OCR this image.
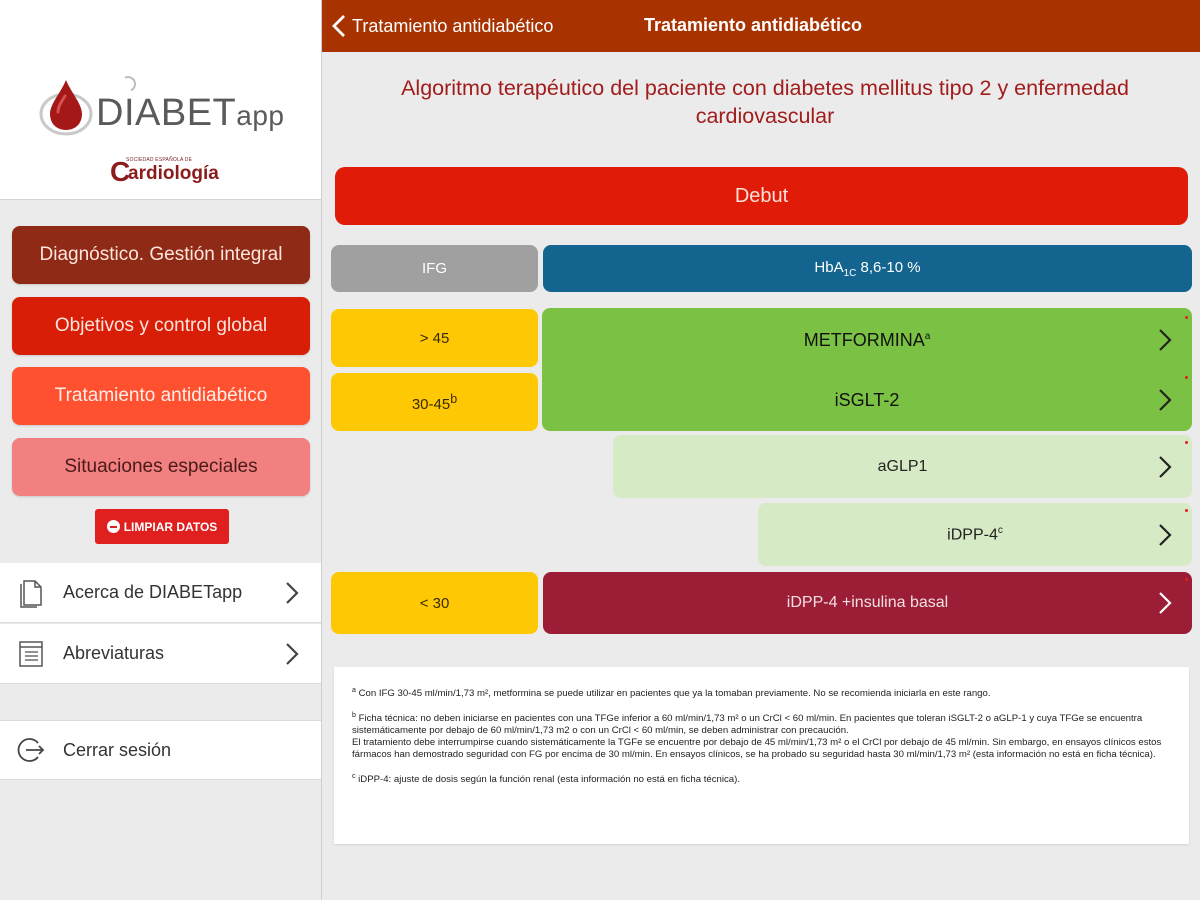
DIABETapp
C
SOCIEDAD ESPAÑOLA DE
ardiología
Diagnóstico. Gestión integral
Objetivos y control global
Tratamiento antidiabético
Situaciones especiales
LIMPIAR DATOS
Acerca de DIABETapp
Abreviaturas
Cerrar sesión
Tratamiento antidiabético	Tratamiento antidiabético
Algoritmo terapéutico del paciente con diabetes mellitus tipo 2 y enfermedad cardiovascular
Debut
IFG	HbA$_{1C}$ 8,6-10 %
> 45
$30-45^b$
< 30
METFORMINA$^a$
iSGLT-2
aGLP1
iDPP-4$^c$
iDPP-4 +insulina basal

$^a$ Con IFG 30-45 ml/min/1,73 m², metformina se puede utilizar en pacientes que ya la tomaban previamente. No se recomienda iniciarla en este rango.

$^b$ Ficha técnica: no deben iniciarse en pacientes con una TFGe inferior a 60 ml/min/1,73 m² o un CrCl < 60 ml/min. En pacientes que toleran iSGLT-2 o aGLP-1 y cuya TFGe se encuentra sistemáticamente por debajo de 60 ml/min/1,73 m2 o con un CrCl < 60 ml/min, se deben administrar con precaución.

El tratamiento debe interrumpirse cuando sistemáticamente la TGFe se encuentre por debajo de 45 ml/min/1,73 m² o el CrCl por debajo de 45 ml/min. Sin embargo, en ensayos clínicos estos fármacos han demostrado seguridad con FG por encima de 30 ml/min. En ensayos clínicos, se ha probado su seguridad hasta 30 ml/min/1,73 m² (esta información no está en ficha técnica).

$^c$ iDPP-4: ajuste de dosis según la función renal (esta información no está en ficha técnica).
